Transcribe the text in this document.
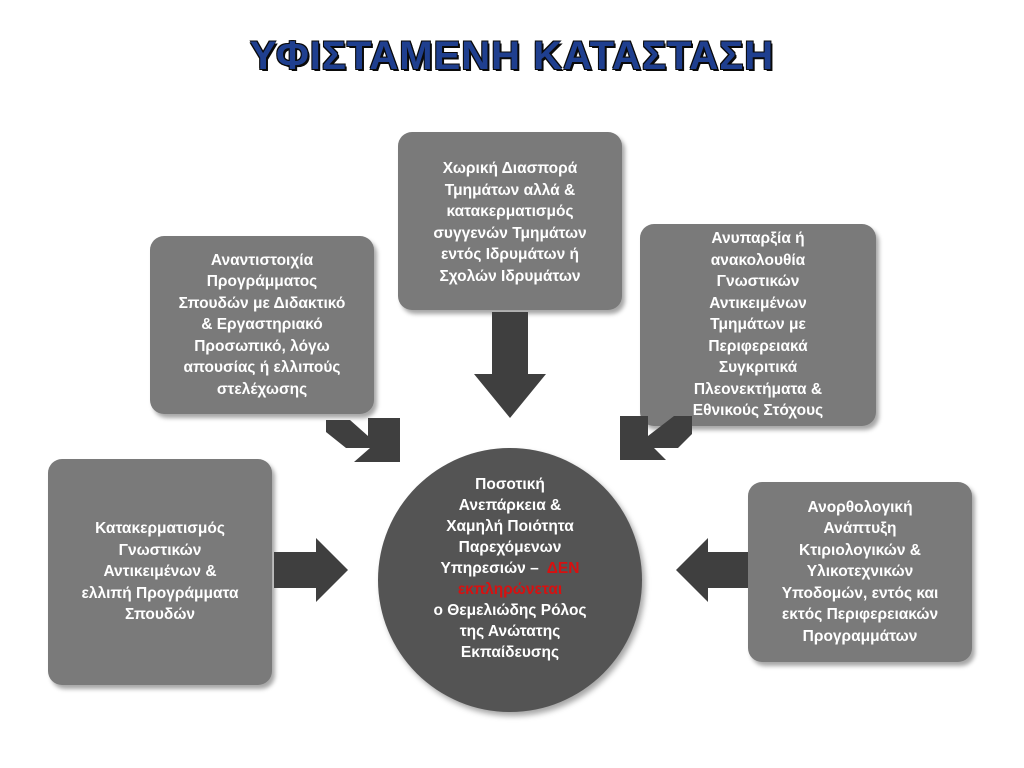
ΥΦΙΣΤΑΜΕΝΗ ΚΑΤΑΣΤΑΣΗ
Χωρική Διασπορά
Τμημάτων αλλά &
κατακερματισμός
συγγενών Τμημάτων
εντός Ιδρυμάτων ή
Σχολών Ιδρυμάτων
Αναντιστοιχία
Προγράμματος
Σπουδών με Διδακτικό
& Εργαστηριακό
Προσωπικό, λόγω
απουσίας ή ελλιπούς
στελέχωσης
Ανυπαρξία ή
ανακολουθία
Γνωστικών
Αντικειμένων
Τμημάτων με
Περιφερειακά
Συγκριτικά
Πλεονεκτήματα &
Εθνικούς Στόχους
Κατακερματισμός
Γνωστικών
Αντικειμένων &
ελλιπή Προγράμματα
Σπουδών
Ανορθολογική
Ανάπτυξη
Κτιριολογικών &
Υλικοτεχνικών
Υποδομών, εντός και
εκτός Περιφερειακών
Προγραμμάτων
Ποσοτική
Ανεπάρκεια &
Χαμηλή Ποιότητα
Παρεχόμενων
Υπηρεσιών – ΔΕΝ
εκπληρώνεται
ο Θεμελιώδης Ρόλος
της Ανώτατης
Εκπαίδευσης
